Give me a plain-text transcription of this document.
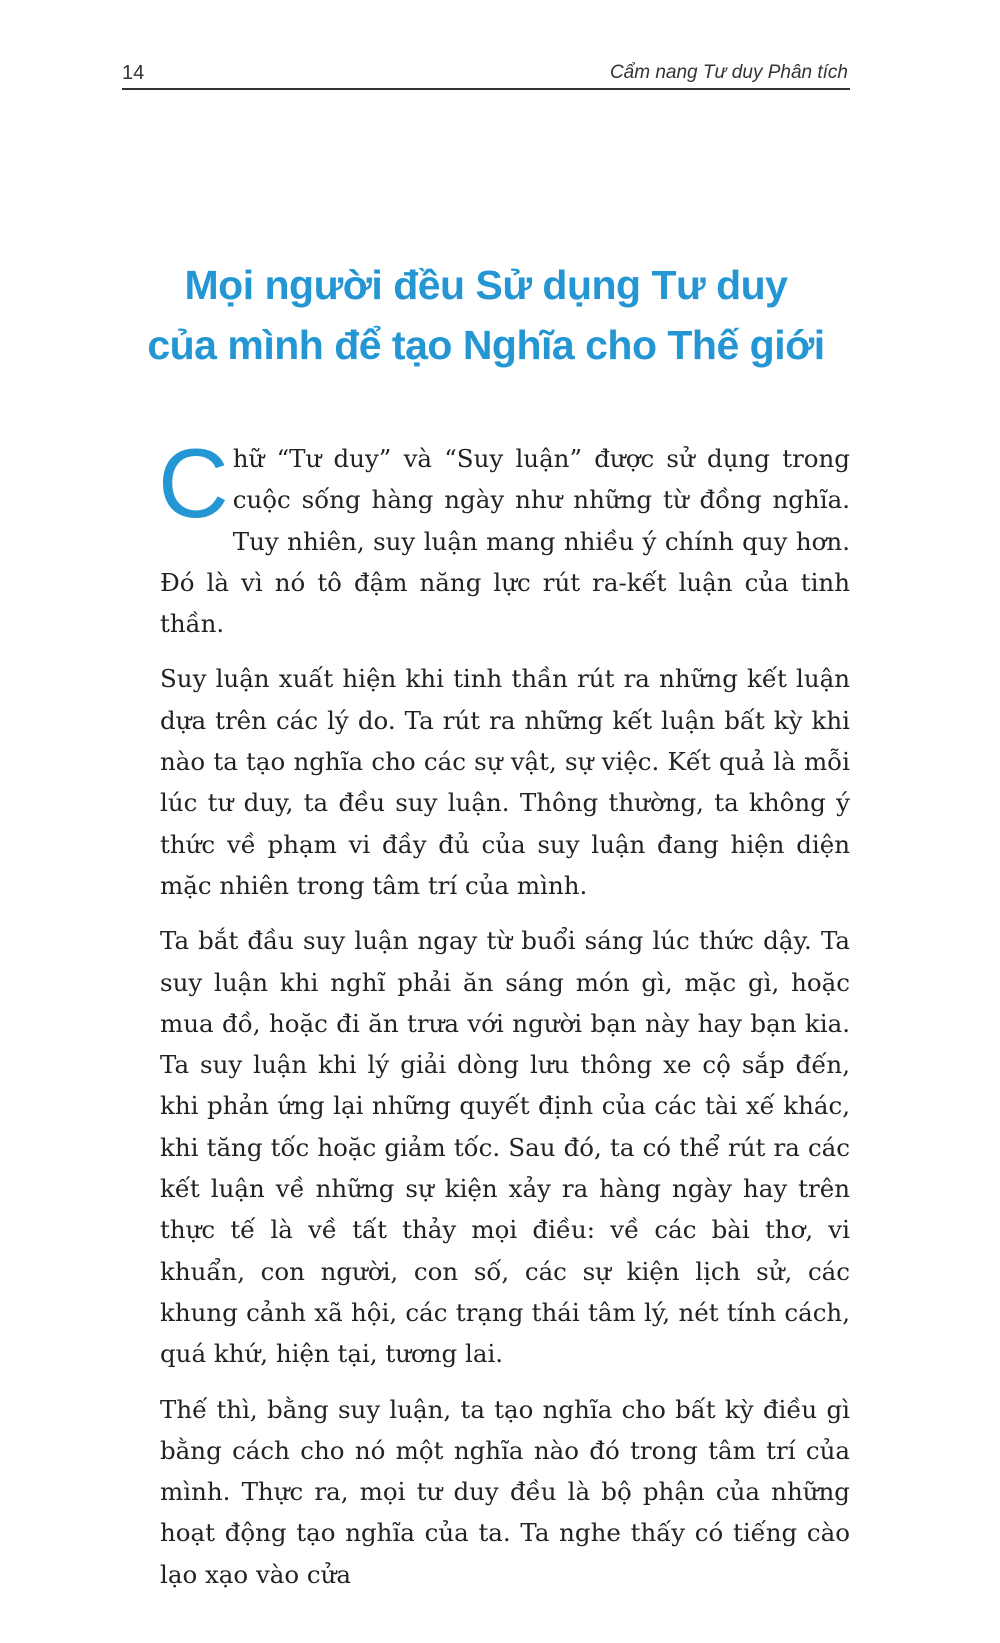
14	Cẩm nang Tư duy Phân tích
Mọi người đều Sử dụng Tư duy
của mình để tạo Nghĩa cho Thế giới

Chữ “Tư duy” và “Suy luận” được sử dụng trong cuộc sống hàng ngày như những từ đồng nghĩa. Tuy nhiên, suy luận mang nhiều ý chính quy hơn. Đó là vì nó tô đậm năng lực rút ra-kết luận của tinh thần.

Suy luận xuất hiện khi tinh thần rút ra những kết luận dựa trên các lý do. Ta rút ra những kết luận bất kỳ khi nào ta tạo nghĩa cho các sự vật, sự việc. Kết quả là mỗi lúc tư duy, ta đều suy luận. Thông thường, ta không ý thức về phạm vi đầy đủ của suy luận đang hiện diện mặc nhiên trong tâm trí của mình.

Ta bắt đầu suy luận ngay từ buổi sáng lúc thức dậy. Ta suy luận khi nghĩ phải ăn sáng món gì, mặc gì, hoặc mua đồ, hoặc đi ăn trưa với người bạn này hay bạn kia. Ta suy luận khi lý giải dòng lưu thông xe cộ sắp đến, khi phản ứng lại những quyết định của các tài xế khác, khi tăng tốc hoặc giảm tốc. Sau đó, ta có thể rút ra các kết luận về những sự kiện xảy ra hàng ngày hay trên thực tế là về tất thảy mọi điều: về các bài thơ, vi khuẩn, con người, con số, các sự kiện lịch sử, các khung cảnh xã hội, các trạng thái tâm lý, nét tính cách, quá khứ, hiện tại, tương lai.

Thế thì, bằng suy luận, ta tạo nghĩa cho bất kỳ điều gì bằng cách cho nó một nghĩa nào đó trong tâm trí của mình. Thực ra, mọi tư duy đều là bộ phận của những hoạt động tạo nghĩa của ta. Ta nghe thấy có tiếng cào lạo xạo vào cửa
